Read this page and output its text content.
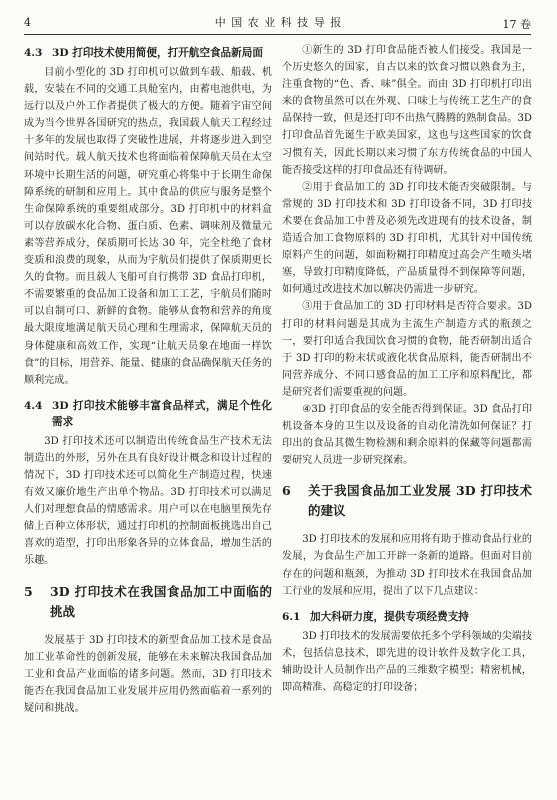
4	中 国 农 业 科 技 导 报	17 卷
4.3 3D 打印技术使用简便，打开航空食品新局面

目前小型化的 3D 打印机可以做到车载、船载、机载，安装在不同的交通工具舱室内，由蓄电池供电，为远行以及户外工作者提供了极大的方便。随着宇宙空间成为当今世界各国研究的热点，我国载人航天工程经过十多年的发展也取得了突破性进展，并将逐步进入到空间站时代。载人航天技术也将面临着保障航天员在太空环境中长期生活的问题，研究重心将集中于长期生命保障系统的研制和应用上。其中食品的供应与服务是整个生命保障系统的重要组成部分。3D 打印机中的材料盒可以存放碳水化合物、蛋白质、色素、调味剂及微量元素等营养成分，保质期可长达 30 年，完全杜绝了食材变质和浪费的现象，从而为宇航员们提供了保质期更长久的食物。而且载人飞船可自行携带 3D 食品打印机，不需要繁重的食品加工设备和加工工艺，宇航员们随时可以自制可口、新鲜的食物。能够从食物和营养的角度最大限度地满足航天员心理和生理需求，保障航天员的身体健康和高效工作，实现“让航天员象在地面一样饮食”的目标，用营养、能量、健康的食品确保航天任务的顺利完成。

4.4 3D 打印技术能够丰富食品样式，满足个性化需求

3D 打印技术还可以制造出传统食品生产技术无法制造出的外形，另外在具有良好设计概念和设计过程的情况下，3D 打印技术还可以简化生产制造过程，快速有效又廉价地生产出单个物品。3D 打印技术可以满足人们对理想食品的情感需求。用户可以在电脑里预先存储上百种立体形状，通过打印机的控制面板挑选出自己喜欢的造型，打印出形象各异的立体食品，增加生活的乐趣。

5	3D 打印技术在我国食品加工中面临的挑战

发展基于 3D 打印技术的新型食品加工技术是食品加工业革命性的创新发展，能够在未来解决我国食品加工业和食品产业面临的诸多问题。然而，3D 打印技术能否在我国食品加工业发展并应用仍然面临着一系列的疑问和挑战。

①新生的 3D 打印食品能否被人们接受。我国是一个历史悠久的国家，自古以来的饮食习惯以熟食为主，注重食物的“色、香、味”俱全。而由 3D 打印机打印出来的食物虽然可以在外观、口味上与传统工艺生产的食品保持一致，但是还打印不出热气腾腾的熟制食品。3D 打印食品首先诞生于欧美国家，这也与这些国家的饮食习惯有关，因此长期以来习惯了东方传统食品的中国人能否接受这样的打印食品还有待调研。

②用于食品加工的 3D 打印技术能否突破限制。与常规的 3D 打印技术和 3D 打印设备不同，3D 打印技术要在食品加工中普及必须先改进现有的技术设备，制造适合加工食物原料的 3D 打印机，尤其针对中国传统原料产生的问题，如面粉糊打印精度过高会产生喷头堵塞，导致打印精度降低，产品质量得不到保障等问题，如何通过改进技术加以解决仍需进一步研究。

③用于食品加工的 3D 打印材料是否符合要求。3D 打印的材料问题是其成为主流生产制造方式的瓶颈之一，要打印适合我国饮食习惯的食物，能否研制出适合于 3D 打印的粉末状或液化状食品原料，能否研制出不同营养成分、不同口感食品的加工工序和原料配比，都是研究者们需要重视的问题。

④3D 打印食品的安全能否得到保证。3D 食品打印机设备本身的卫生以及设备的自动化清洗如何保证？打印出的食品其微生物检测和剩余原料的保藏等问题都需要研究人员进一步研究探索。

6	关于我国食品加工业发展 3D 打印技术的建议

3D 打印技术的发展和应用将有助于推动食品行业的发展，为食品生产加工开辟一条新的道路。但面对目前存在的问题和瓶颈，为推动 3D 打印技术在我国食品加工行业的发展和应用，提出了以下几点建议：

6.1 加大科研力度，提供专项经费支持

3D 打印技术的发展需要依托多个学科领域的尖端技术，包括信息技术，即先进的设计软件及数字化工具，辅助设计人员制作出产品的三维数字模型；精密机械，即高精准、高稳定的打印设备；
